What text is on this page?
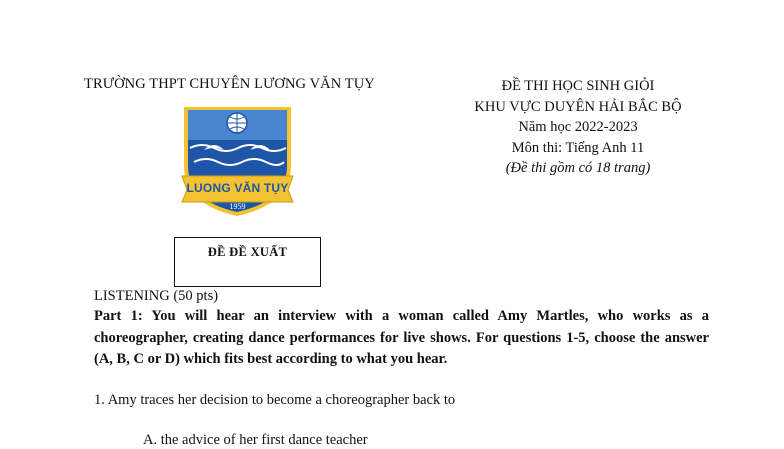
TRƯỜNG THPT CHUYÊN LƯƠNG VĂN TỤY	ĐỀ THI HỌC SINH GIỎI
KHU VỰC DUYÊN HẢI BẮC BỘ
Năm học 2022-2023
Môn thi: Tiếng Anh 11
(Đề thi gồm có 18 trang)
LUONG VĂN TỤY
1959
ĐỀ ĐỀ XUẤT
LISTENING (50 pts)
Part 1: You will hear an interview with a woman called Amy Martles, who works as a choreographer, creating dance performances for live shows. For questions 1-5, choose the answer (A, B, C or D) which fits best according to what you hear.
1. Amy traces her decision to become a choreographer back to
A. the advice of her first dance teacher
